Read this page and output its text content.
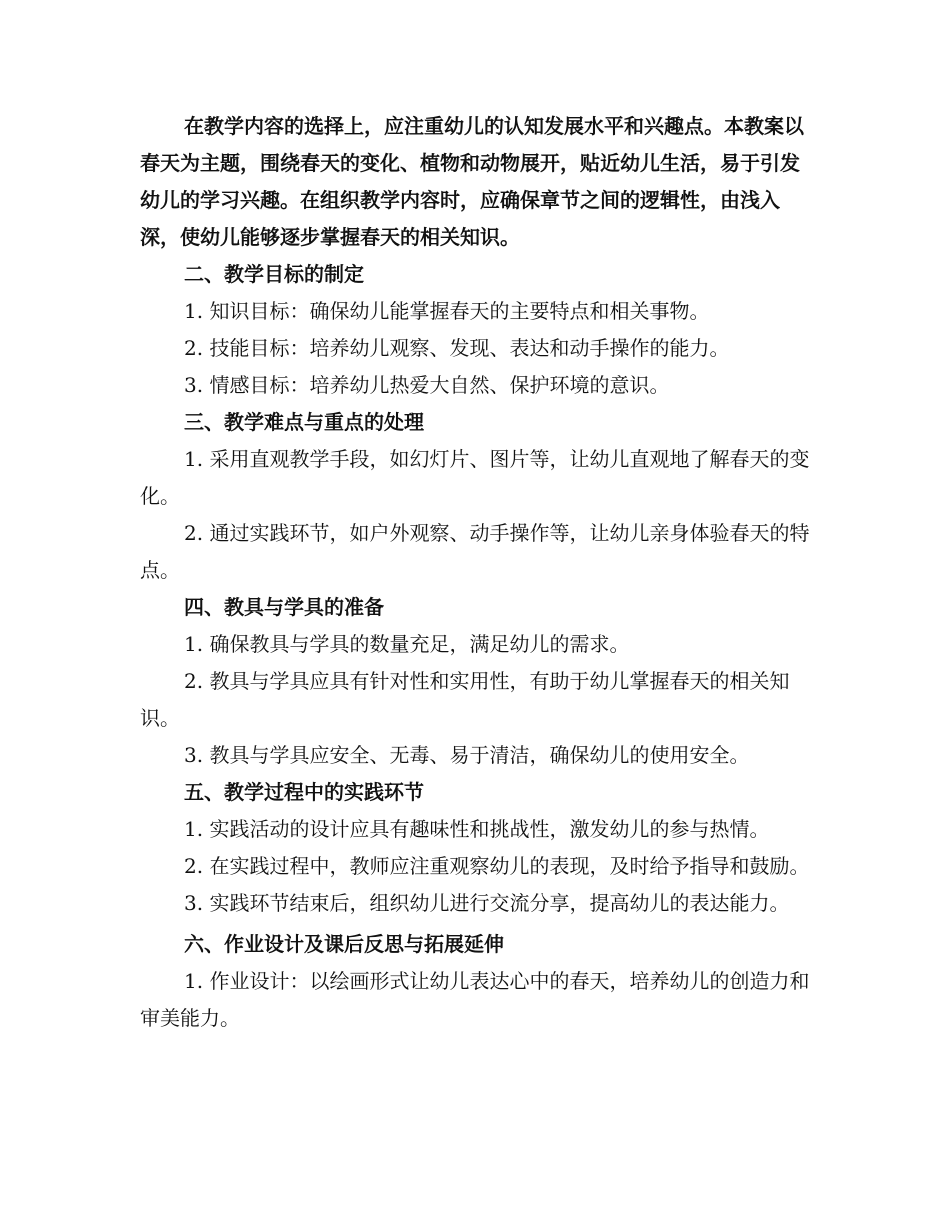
在教学内容的选择上，应注重幼儿的认知发展水平和兴趣点。本教案以春天为主题，围绕春天的变化、植物和动物展开，贴近幼儿生活，易于引发幼儿的学习兴趣。在组织教学内容时，应确保章节之间的逻辑性，由浅入深，使幼儿能够逐步掌握春天的相关知识。

二、教学目标的制定

1. 知识目标：确保幼儿能掌握春天的主要特点和相关事物。

2. 技能目标：培养幼儿观察、发现、表达和动手操作的能力。

3. 情感目标：培养幼儿热爱大自然、保护环境的意识。

三、教学难点与重点的处理

1. 采用直观教学手段，如幻灯片、图片等，让幼儿直观地了解春天的变化。

2. 通过实践环节，如户外观察、动手操作等，让幼儿亲身体验春天的特点。

四、教具与学具的准备

1. 确保教具与学具的数量充足，满足幼儿的需求。

2. 教具与学具应具有针对性和实用性，有助于幼儿掌握春天的相关知识。

3. 教具与学具应安全、无毒、易于清洁，确保幼儿的使用安全。

五、教学过程中的实践环节

1. 实践活动的设计应具有趣味性和挑战性，激发幼儿的参与热情。

2. 在实践过程中，教师应注重观察幼儿的表现，及时给予指导和鼓励。

3. 实践环节结束后，组织幼儿进行交流分享，提高幼儿的表达能力。

六、作业设计及课后反思与拓展延伸

1. 作业设计：以绘画形式让幼儿表达心中的春天，培养幼儿的创造力和审美能力。
